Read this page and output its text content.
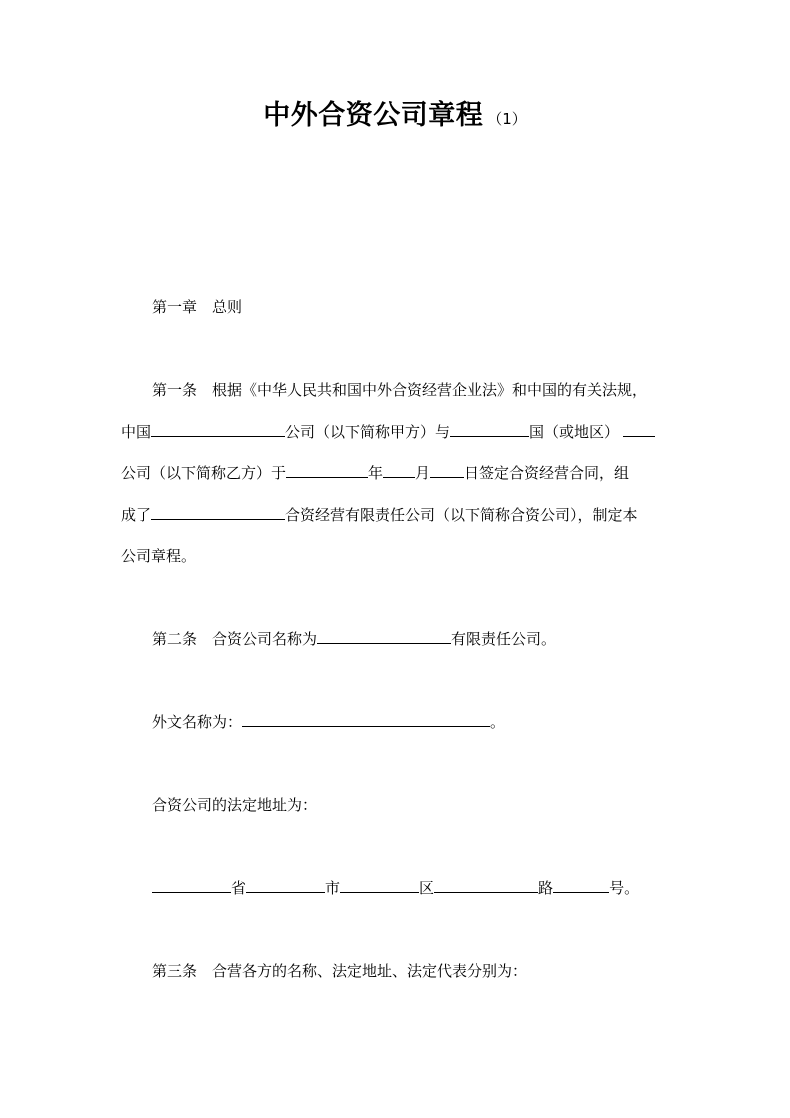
中外合资公司章程 （1）
第一章 总则
第一条 根据《中华人民共和国中外合资经营企业法》和中国的有关法规，
中国	公司（以下简称甲方）与	国（或地区）
公司（以下简称乙方）于	年 月 日签定合资经营合同，组
成了	合资经营有限责任公司（以下简称合资公司），制定本
公司章程。
第二条 合资公司名称为	有限责任公司。
外文名称为：	。
合资公司的法定地址为：
省	市	区	路	号。
第三条 合营各方的名称、法定地址、法定代表分别为：
